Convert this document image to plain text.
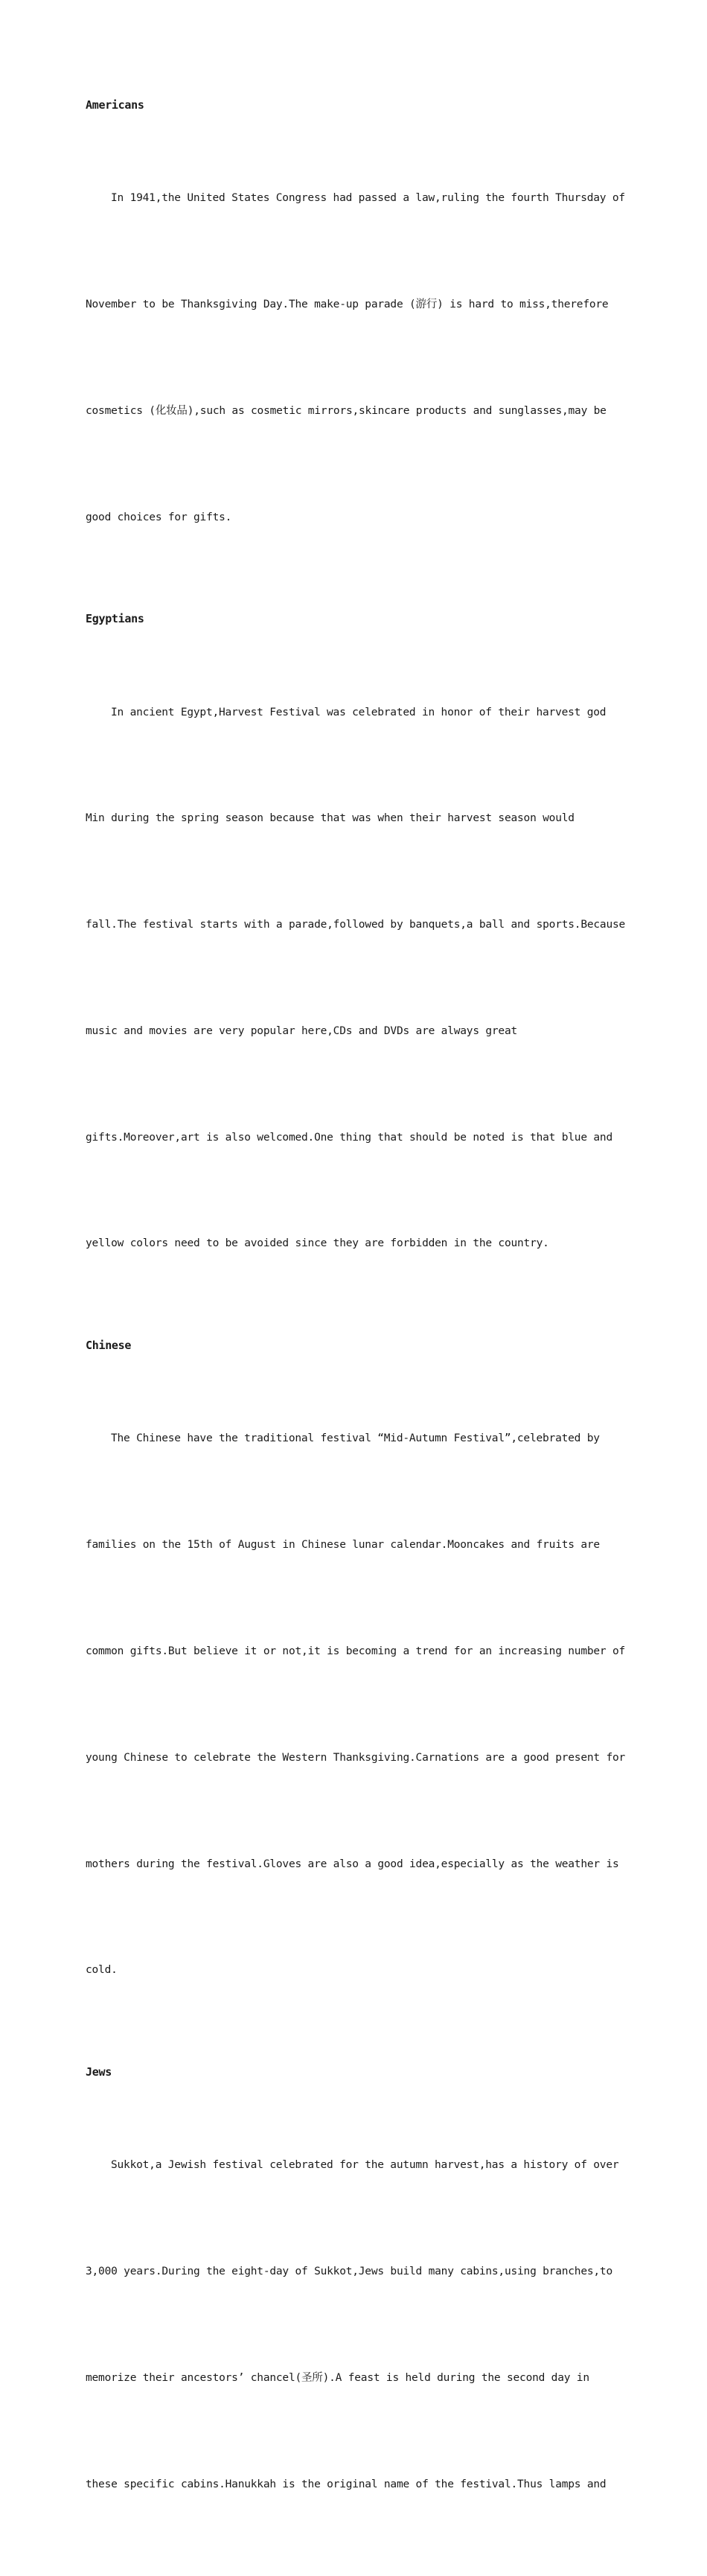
Americans

In 1941,the United States Congress had passed a law,ruling the fourth Thursday of

November to be Thanksgiving Day.The make-up parade (游行) is hard to miss,therefore

cosmetics (化妆品),such as cosmetic mirrors,skincare products and sunglasses,may be

good choices for gifts.

Egyptians

In ancient Egypt,Harvest Festival was celebrated in honor of their harvest god

Min during the spring season because that was when their harvest season would

fall.The festival starts with a parade,followed by banquets,a ball and sports.Because

music and movies are very popular here,CDs and DVDs are always great

gifts.Moreover,art is also welcomed.One thing that should be noted is that blue and

yellow colors need to be avoided since they are forbidden in the country.

Chinese

The Chinese have the traditional festival “Mid-Autumn Festival”,celebrated by

families on the 15th of August in Chinese lunar calendar.Mooncakes and fruits are

common gifts.But believe it or not,it is becoming a trend for an increasing number of

young Chinese to celebrate the Western Thanksgiving.Carnations are a good present for

mothers during the festival.Gloves are also a good idea,especially as the weather is

cold.

Jews

Sukkot,a Jewish festival celebrated for the autumn harvest,has a history of over

3,000 years.During the eight-day of Sukkot,Jews build many cabins,using branches,to

memorize their ancestors’ chancel(圣所).A feast is held during the second day in

these specific cabins.Hanukkah is the original name of the festival.Thus lamps and
